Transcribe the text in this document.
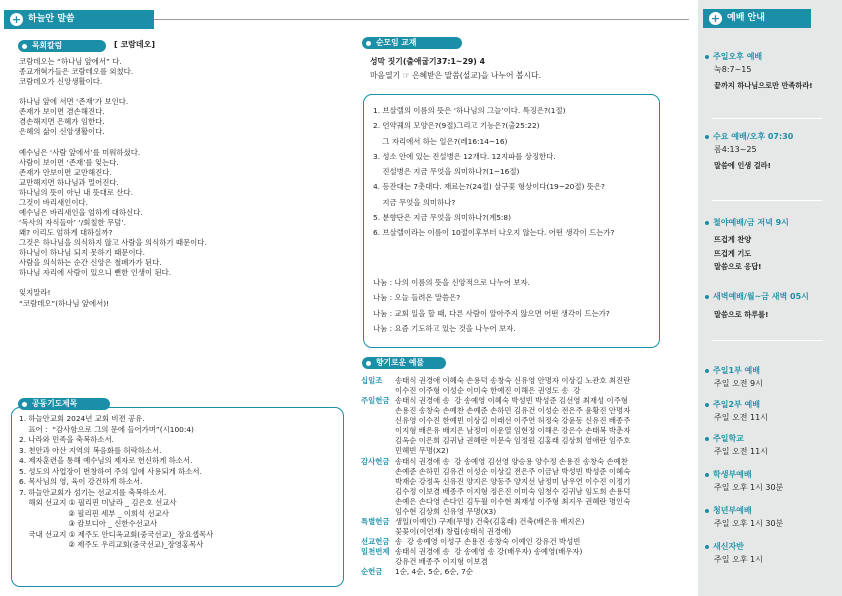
+ 하늘안 말씀
목회칼럼	[ 코람데오]
코람데오는 “하나님 앞에서” 다.
종교개혁가들은 코람데오를 외쳤다.
코람데오가 신앙생활이다.

하나님 앞에 서면 ‘존재’가 보인다.
존재가 보이면 겸손해진다.
겸손해지면 은혜가 임한다.
은혜의 삶이 신앙생활이다.

예수님은 ‘사람 앞에서’를 미워하셨다.
사람이 보이면 ‘존재’를 잊는다.
존재가 안보이면 교만해진다.
교만해지면 하나님과 멀어진다.
하나님의 뜻이 아닌 내 뜻대로 산다.
그것이 바리새인이다.
예수님은 바리새인을 엄하게 대하신다.
‘독사의 자식들아’ ‘/회칠한 무덤’.
왜? 이리도 엄하게 대하실까?
그것은 하나님을 의식하지 않고 사람을 의식하기 때문이다.
하나님이 하나님 되지 못하기 때문이다.
사람을 의식하는 순간 신앙은 철폐가가 된다.
하나님 자리에 사람이 있으니 뻔한 인생이 된다.

잊지말라!
“코람데오”(하나님 앞에서)!
공동기도제목
1. 하늘안교회 2024년 교회 비젼 공유.
표어 :  “감사함으로 그의 문에 들어가며”(시100:4)
2. 나라와 민족을 축복하소서.
3. 천안과 아산 지역의 복음화를 허락하소서.
4. 제자훈련을 통해 예수님의 제자로 헌신하게 하소서.
5. 성도의 사업장이 번창하여 주의 일에 사용되게 하소서.
6. 목사님의 영, 육이 강건하게 하소서.
7. 하늘안교회가 섬기는 선교지를 축복하소서.
해외 선교지 ① 필리핀 미날라 _ 김은호 선교사
② 필리핀 세부 _ 이희석 선교사
③ 캄보디아 _ 신한수선교사
국내 선교지 ① 제주도 안디옥교회(중국선교)_ 장요셉목사
② 제주도 우리교회(중국선교)_장영홍목사
순모임 교재
성막 짓기(출애굽기37:1~29) 4
마음열기 ☞ 은혜받은 말씀(설교)을 나누어 봅시다.
1. 브살렐의 이름의 뜻은 ‘하나님의 그늘’이다. 특징은?(1절)
2. 언약궤의 모양은?(9절)그리고 기능은?(출25:22)
그 자리에서 하는 일은?(레16:14~16)
3. 성소 안에 있는 진설병은 12개다. 12지파를 상징한다.
진설병은 지금 무엇을 의미하나?(1~16절)
4. 등잔대는 7촛대다. 재료는?(24절) 살구꽃 형상이다(19~20절) 뜻은?
지금 무엇을 의미하나?
5. 분향단은 지금 무엇을 의미하나?(계5:8)
6. 브살렐이라는 이름이 10절이후부터 나오지 않는다. 어떤 생각이 드는가?
나눔 : 나의 이름의 뜻을 신앙적으로 나누어 보자.
나눔 : 오늘 들려온 말씀은?
나눔 : 교회 일을 할 때, 다른 사람이 알아주지 않으면 어떤 생각이 드는가?
나눔 : 요즘 기도하고 있는 것을 나누어 보자.
향기로운 예물
십일조	송태식 권경애 이혜숙 손용덕 송창숙 신유영 안명자 이상길 노관호 최진란
이수진 이주형 이성순 이미숙 한예진 이해은 권영도 송  강
주일헌금 송태식 권경애 송  강 송예영 이혜숙 박성빈 박성준 김선영 최재성 이주형
손용진 송창숙 손예찬 손예준 손하민 김유건 이성순 전은주 윤황진 안명자
신유영 이수진 한예빈 이상길 이래선 이주연 허정숙 강윤동 신유진 배종주
이지형 배은유 배지은 남정미 이운열 임현정 이해은 강은수 손태복 박춘자
김옥순 이은희 김귀남 권혜란 이문숙 임정원 김홍래 김상희 염애란 임주호
민혜빈 무명(X2)
감사헌금 송태식 권경애 송  강 송예영 김선영 양승용 양수정 손용진 송창숙 손예찬
손예준 손하민 김유건 이성순 이상길 전은주 이금남 박성빈 박성준 이혜숙
박재순 강정옥 신유진 양지은 양동주 양지선 남정미 남우연 이수진 이정기
김수정 이보겸 배종주 이지형 정은진 이미숙 임청수 김귀남 임도희 손용덕
손예은 손다영 손다인 김두월 이수현 최재성 이주형 최지우 권혜란 명인숙
임수현 김상희 신유영 무명(X3)
특별헌금 생일(이예인) 구제(무명) 건축(김홍래) 건축(배은유 배지은)
꽃꽂이(이연재) 창립(송태식 권경애)
선교헌금 송  강 송예영 이성구 손용진 송창숙 이예인 강유건 박성빈
일천번제 송태식 권경애 송  강 송예영 송 강(배우자) 송예영(배우자)
강유건 배종주 이지형 이보겸
순헌금	1순, 4순, 5순, 6순, 7순
+ 예배 안내
주일오후 예배
눅8:7~15
끝까지 하나님으로만 만족하라!
수요 예배/오후 07:30
롬4:13~25
말씀에 인생 걸라!
철야예배/금 저녁 9시
뜨겁게 찬양
뜨겁게 기도
말씀으로 응답!
새벽예배/월~금 새벽 05시
말씀으로 하루를!
주일1부 예배
주일 오전 9시
주일2부 예배
주일 오전 11시
주일학교
주일 오전 11시
학생부예배
주일 오후 1시 30분
청년부예배
주일 오후 1시 30분
새신자반
주일 오후 1시
